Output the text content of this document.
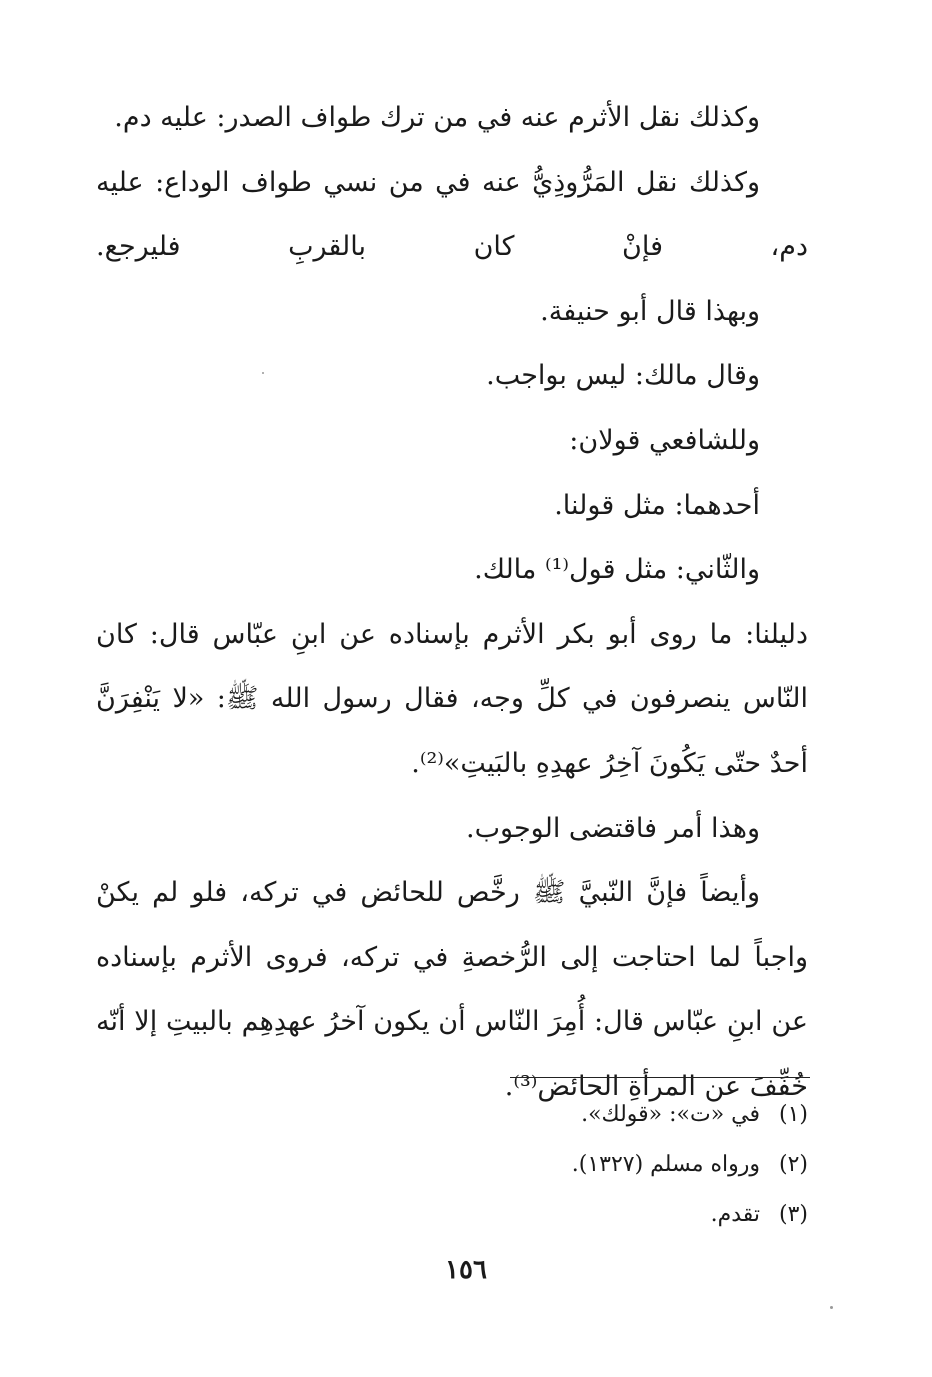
وكذلك نقل الأثرم عنه في من ترك طواف الصدر: عليه دم.

وكذلك نقل المَرُّوذِيُّ عنه في من نسي طواف الوداع: عليه دم، فإنْ كان بالقربِ فليرجع.

وبهذا قال أبو حنيفة.

وقال مالك: ليس بواجب.

وللشافعي قولان:

أحدهما: مثل قولنا.

والثّاني: مثل قول⁽¹⁾ مالك.

دليلنا: ما روى أبو بكر الأثرم بإسناده عن ابنِ عبّاس قال: كان النّاس ينصرفون في كلِّ وجه، فقال رسول الله ﷺ: «لا يَنْفِرَنَّ أحدٌ حتّى يَكُونَ آخِرُ عهدِهِ بالبَيتِ»⁽²⁾.

وهذا أمر فاقتضى الوجوب.

وأيضاً فإنَّ النّبيَّ ﷺ رخَّص للحائض في تركه، فلو لم يكنْ واجباً لما احتاجت إلى الرُّخصةِ في تركه، فروى الأثرم بإسناده عن ابنِ عبّاس قال: أُمِرَ النّاس أن يكون آخرُ عهدِهِم بالبيتِ إلا أنّه خُفِّفَ عن المرأةِ الحائض⁽³⁾.

(١)
في «ت»: «قولك».
(٢)
ورواه مسلم (١٣٢٧).
(٣)
تقدم.
١٥٦
